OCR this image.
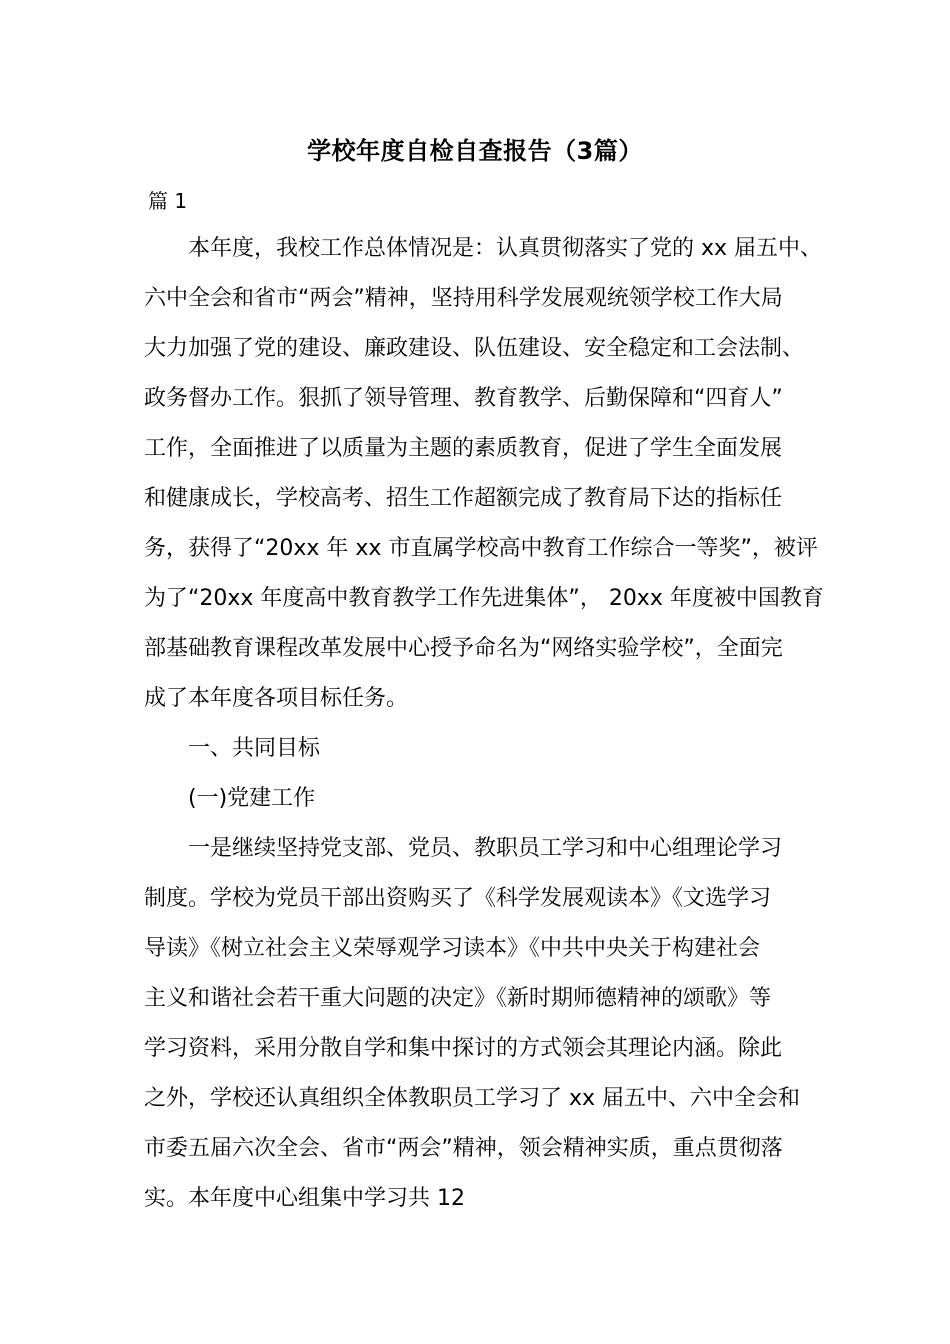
学校年度自检自查报告（3篇）
篇 1
　　本年度，我校工作总体情况是：认真贯彻落实了党的 xx 届五中、
六中全会和省市“两会”精神，坚持用科学发展观统领学校工作大局
大力加强了党的建设、廉政建设、队伍建设、安全稳定和工会法制、
政务督办工作。狠抓了领导管理、教育教学、后勤保障和“四育人”
工作，全面推进了以质量为主题的素质教育，促进了学生全面发展
和健康成长，学校高考、招生工作超额完成了教育局下达的指标任
务，获得了“20xx 年 xx 市直属学校高中教育工作综合一等奖”，被评
为了“20xx 年度高中教育教学工作先进集体”， 20xx 年度被中国教育
部基础教育课程改革发展中心授予命名为“网络实验学校”，全面完
成了本年度各项目标任务。
　　一、共同目标
　　(一)党建工作
　　一是继续坚持党支部、党员、教职员工学习和中心组理论学习
制度。学校为党员干部出资购买了《科学发展观读本》《文选学习
导读》《树立社会主义荣辱观学习读本》《中共中央关于构建社会
主义和谐社会若干重大问题的决定》《新时期师德精神的颂歌》等
学习资料，采用分散自学和集中探讨的方式领会其理论内涵。除此
之外，学校还认真组织全体教职员工学习了 xx 届五中、六中全会和
市委五届六次全会、省市“两会”精神，领会精神实质，重点贯彻落
实。本年度中心组集中学习共 12
